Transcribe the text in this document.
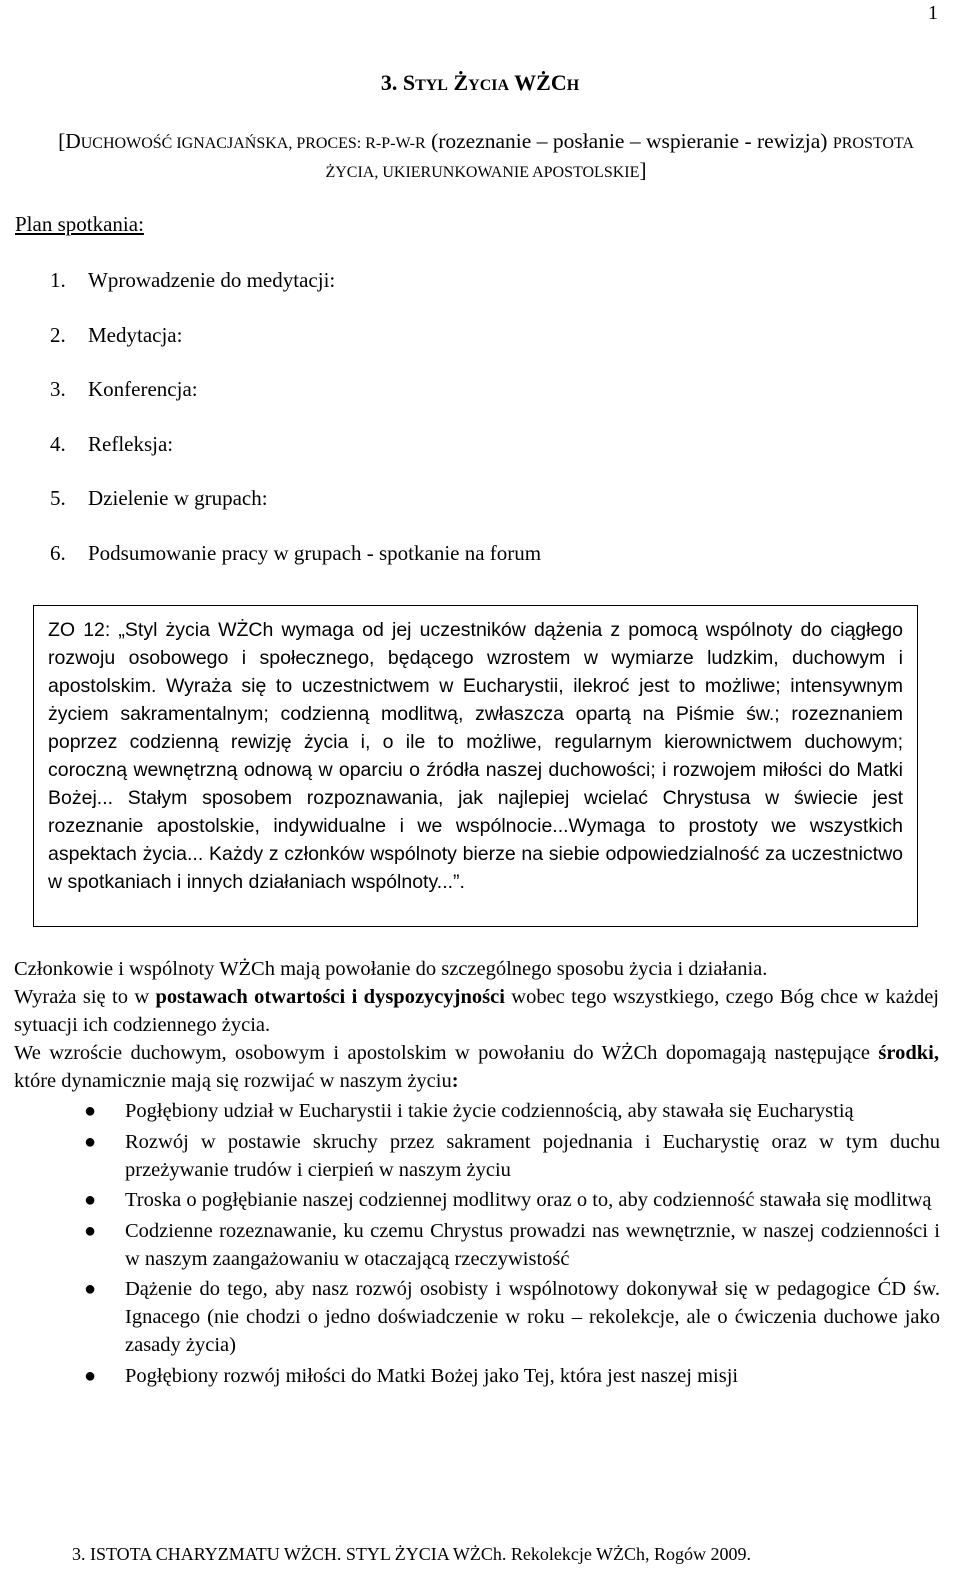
1
3. STYL ŻYCIA WŻCH
[DUCHOWOŚĆ IGNACJAŃSKA, PROCES: R-P-W-R (rozeznanie – posłanie – wspieranie - rewizja) PROSTOTA ŻYCIA, UKIERUNKOWANIE APOSTOLSKIE]
Plan spotkania:
1. Wprowadzenie do medytacji:
2. Medytacja:
3. Konferencja:
4. Refleksja:
5. Dzielenie w grupach:
6. Podsumowanie pracy w grupach - spotkanie na forum
ZO 12: „Styl życia WŻCh wymaga od jej uczestników dążenia z pomocą wspólnoty do ciągłego rozwoju osobowego i społecznego, będącego wzrostem w wymiarze ludzkim, duchowym i apostolskim. Wyraża się to uczestnictwem w Eucharystii, ilekroć jest to możliwe; intensywnym życiem sakramentalnym; codzienną modlitwą, zwłaszcza opartą na Piśmie św.; rozeznaniem poprzez codzienną rewizję życia i, o ile to możliwe, regularnym kierownictwem duchowym; coroczną wewnętrzną odnową w oparciu o źródła naszej duchowości; i rozwojem miłości do Matki Bożej... Stałym sposobem rozpoznawania, jak najlepiej wcielać Chrystusa w świecie jest rozeznanie apostolskie, indywidualne i we wspólnocie...Wymaga to prostoty we wszystkich aspektach życia... Każdy z członków wspólnoty bierze na siebie odpowiedzialność za uczestnictwo w spotkaniach i innych działaniach wspólnoty...”.

Członkowie i wspólnoty WŻCh mają powołanie do szczególnego sposobu życia i działania.
Wyraża się to w postawach otwartości i dyspozycyjności wobec tego wszystkiego, czego Bóg chce w każdej sytuacji ich codziennego życia.

We wzroście duchowym, osobowym i apostolskim w powołaniu do WŻCh dopomagają następujące środki, które dynamicznie mają się rozwijać w naszym życiu:

● Pogłębiony udział w Eucharystii i takie życie codziennością, aby stawała się Eucharystią
● Rozwój w postawie skruchy przez sakrament pojednania i Eucharystię oraz w tym duchu przeżywanie trudów i cierpień w naszym życiu
● Troska o pogłębianie naszej codziennej modlitwy oraz o to, aby codzienność stawała się modlitwą
● Codzienne rozeznawanie, ku czemu Chrystus prowadzi nas wewnętrznie, w naszej codzienności i w naszym zaangażowaniu w otaczającą rzeczywistość
● Dążenie do tego, aby nasz rozwój osobisty i wspólnotowy dokonywał się w pedagogice ĆD św. Ignacego (nie chodzi o jedno doświadczenie w roku – rekolekcje, ale o ćwiczenia duchowe jako zasady życia)
● Pogłębiony rozwój miłości do Matki Bożej jako Tej, która jest naszej misji
3. ISTOTA CHARYZMATU WŻCH. STYL ŻYCIA WŻCh. Rekolekcje WŻCh, Rogów 2009.
